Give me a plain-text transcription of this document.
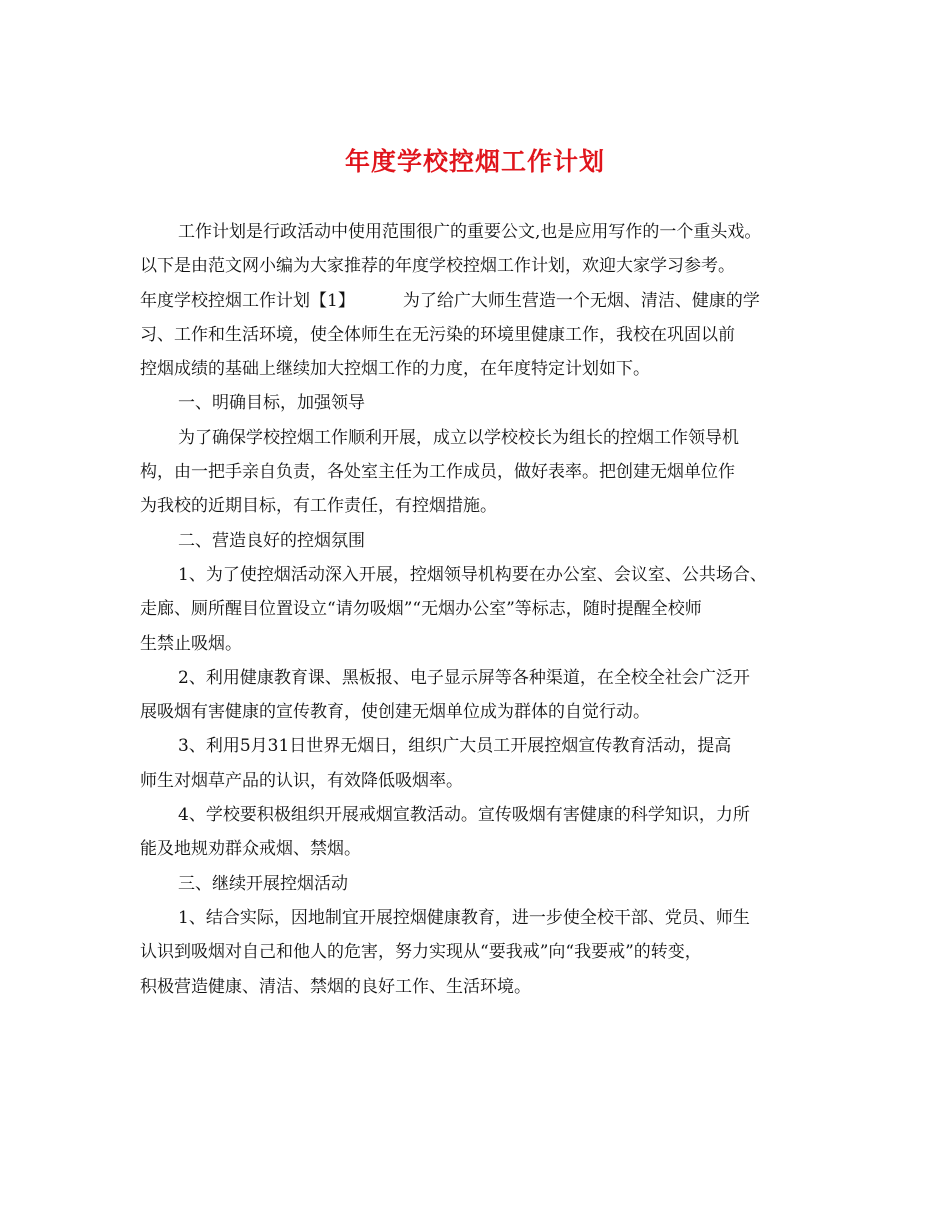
年度学校控烟工作计划
工作计划是行政活动中使用范围很广的重要公文,也是应用写作的一个重头戏。
以下是由范文网小编为大家推荐的年度学校控烟工作计划，欢迎大家学习参考。
年度学校控烟工作计划【1】	为了给广大师生营造一个无烟、清洁、健康的学
习、工作和生活环境，使全体师生在无污染的环境里健康工作，我校在巩固以前
控烟成绩的基础上继续加大控烟工作的力度，在年度特定计划如下。
一、明确目标，加强领导
为了确保学校控烟工作顺利开展，成立以学校校长为组长的控烟工作领导机
构，由一把手亲自负责，各处室主任为工作成员，做好表率。把创建无烟单位作
为我校的近期目标，有工作责任，有控烟措施。
二、营造良好的控烟氛围
1、为了使控烟活动深入开展，控烟领导机构要在办公室、会议室、公共场合、
走廊、厕所醒目位置设立“请勿吸烟”“无烟办公室”等标志，随时提醒全校师
生禁止吸烟。
2、利用健康教育课、黑板报、电子显示屏等各种渠道，在全校全社会广泛开
展吸烟有害健康的宣传教育，使创建无烟单位成为群体的自觉行动。
3、利用5月31日世界无烟日，组织广大员工开展控烟宣传教育活动，提高
师生对烟草产品的认识，有效降低吸烟率。
4、学校要积极组织开展戒烟宣教活动。宣传吸烟有害健康的科学知识，力所
能及地规劝群众戒烟、禁烟。
三、继续开展控烟活动
1、结合实际，因地制宜开展控烟健康教育，进一步使全校干部、党员、师生
认识到吸烟对自己和他人的危害，努力实现从“要我戒”向“我要戒”的转变，
积极营造健康、清洁、禁烟的良好工作、生活环境。
